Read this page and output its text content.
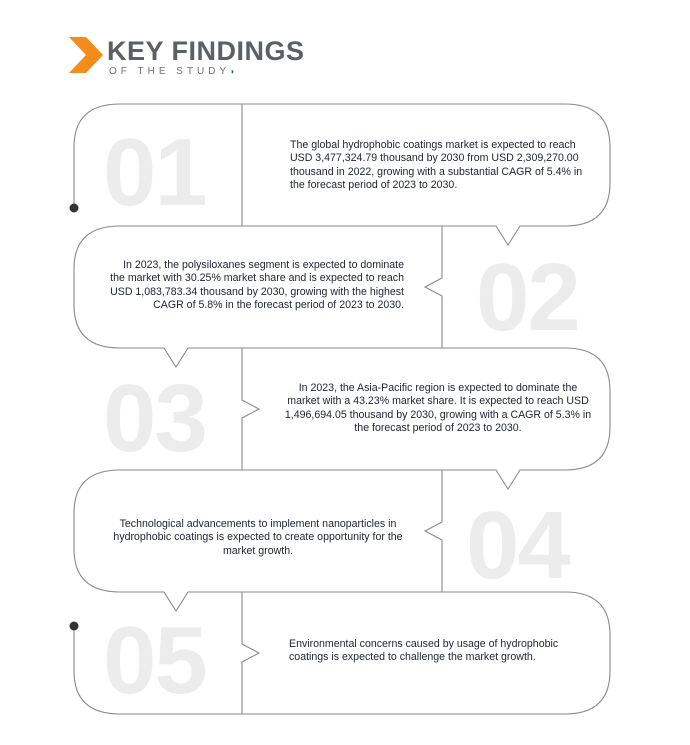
KEY FINDINGS
OF THE STUDY◗
01
02
03
04
05
The global hydrophobic coatings market is expected to reach USD 3,477,324.79 thousand by 2030 from USD 2,309,270.00 thousand in 2022, growing with a substantial CAGR of 5.4% in the forecast period of 2023 to 2030.
In 2023, the polysiloxanes segment is expected to dominate the market with 30.25% market share and is expected to reach USD 1,083,783.34 thousand by 2030, growing with the highest CAGR of 5.8% in the forecast period of 2023 to 2030.
In 2023, the Asia-Pacific region is expected to dominate the market with a 43.23% market share. It is expected to reach USD 1,496,694.05 thousand by 2030, growing with a CAGR of 5.3% in the forecast period of 2023 to 2030.
Technological advancements to implement nanoparticles in hydrophobic coatings is expected to create opportunity for the market growth.
Environmental concerns caused by usage of hydrophobic coatings is expected to challenge the market growth.
